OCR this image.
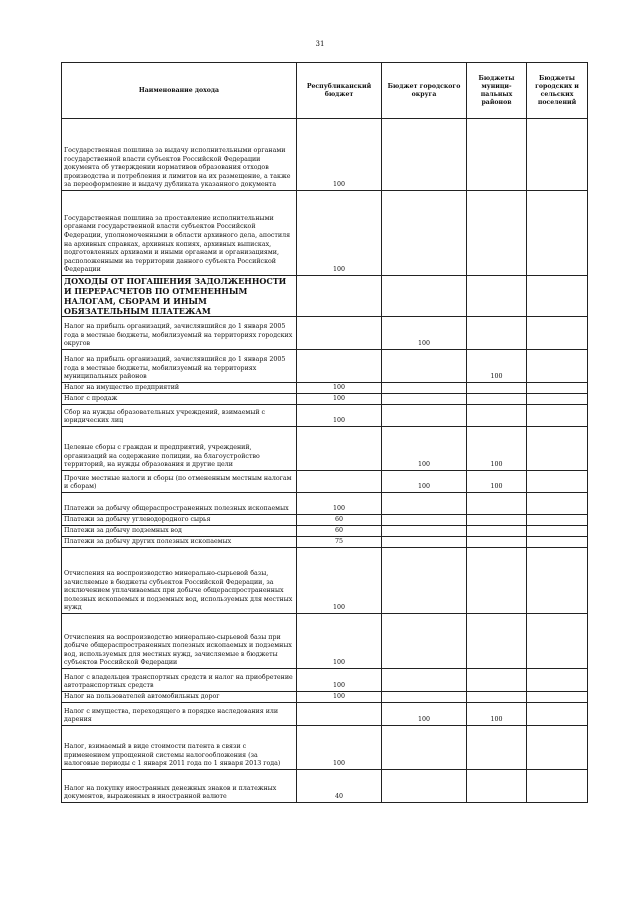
31
Наименование дохода	Республиканский бюджет	Бюджет городского округа	Бюджеты муници-пальных районов	Бюджеты городских и сельских поселений
Государственная пошлина за выдачу исполнительными органами государственной власти субъектов Российской Федерации документа об утверждении нормативов образования отходов производства и потребления и лимитов на их размещение, а также за переоформление и выдачу дубликата указанного документа	100			
Государственная пошлина за проставление исполнительными органами государственной власти субъектов Российской Федерации, уполномоченными в области архивного дела, апостиля на архивных справках, архивных копиях, архивных выписках, подготовленных архивами и иными органами и организациями, расположенными на территории данного субъекта Российской Федерации	100			
ДОХОДЫ ОТ ПОГАШЕНИЯ ЗАДОЛЖЕННОСТИ И ПЕРЕРАСЧЕТОВ ПО ОТМЕНЕННЫМ НАЛОГАМ, СБОРАМ И ИНЫМ ОБЯЗАТЕЛЬНЫМ ПЛАТЕЖАМ				
Налог на прибыль организаций, зачислявшийся до 1 января 2005 года в местные бюджеты, мобилизуемый на территориях городских округов		100		
Налог на прибыль организаций, зачислявшийся до 1 января 2005 года в местные бюджеты, мобилизуемый на территориях муниципальных районов			100	
Налог на имущество предприятий	100			
Налог с продаж	100			
Сбор на нужды образовательных учреждений, взимаемый с юридических лиц	100			
Целевые сборы с граждан и предприятий, учреждений, организаций на содержание полиции, на благоустройство территорий, на нужды образования и другие цели		100	100	
Прочие местные налоги и сборы (по отмененным местным налогам и сборам)		100	100	
Платежи за добычу общераспространенных полезных ископаемых	100			
Платежи за добычу углеводородного сырья	60			
Платежи за добычу подземных вод	60			
Платежи за добычу других полезных ископаемых	75			
Отчисления на воспроизводство минерально-сырьевой базы, зачисляемые в бюджеты субъектов Российской Федерации, за исключением уплачиваемых при добыче общераспространенных полезных ископаемых и подземных вод, используемых для местных нужд	100			
Отчисления на воспроизводство минерально-сырьевой базы при добыче общераспространенных полезных ископаемых и подземных вод, используемых для местных нужд, зачисляемые в бюджеты субъектов Российской Федерации	100			
Налог с владельцев транспортных средств и налог на приобретение автотранспортных средств	100			
Налог на пользователей автомобильных дорог	100			
Налог с имущества, переходящего в порядке наследования или дарения		100	100	
Налог, взимаемый в виде стоимости патента в связи с применением упрощенной системы налогообложения (за налоговые периоды с 1 января 2011 года по 1 января 2013 года)	100			
Налог на покупку иностранных денежных знаков и платежных документов, выраженных в иностранной валюте	40			
